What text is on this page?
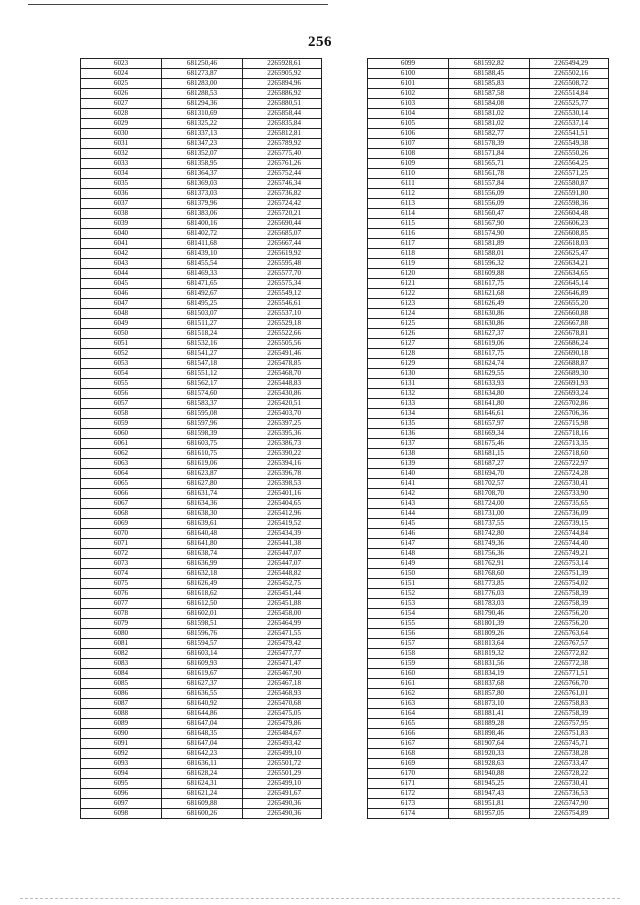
256
6023	681250,46	2265928,61
6024	681273,87	2265905,92
6025	681283,00	2265894,96
6026	681288,53	2265886,92
6027	681294,36	2265880,51
6028	681310,69	2265858,44
6029	681325,22	2265835,84
6030	681337,13	2265812,81
6031	681347,23	2265789,92
6032	681352,07	2265775,40
6033	681358,95	2265761,26
6034	681364,37	2265752,44
6035	681369,03	2265746,34
6036	681373,03	2265736,82
6037	681379,96	2265724,42
6038	681383,06	2265720,21
6039	681400,16	2265690,44
6040	681402,72	2265685,07
6041	681411,68	2265667,44
6042	681439,10	2265619,92
6043	681455,54	2265595,48
6044	681469,33	2265577,70
6045	681471,65	2265575,34
6046	681492,67	2265549,12
6047	681495,25	2265546,61
6048	681503,07	2265537,10
6049	681511,27	2265529,18
6050	681518,24	2265522,66
6051	681532,16	2265505,56
6052	681541,27	2265491,46
6053	681547,18	2265478,85
6054	681551,12	2265468,70
6055	681562,17	2265448,83
6056	681574,60	2265430,86
6057	681583,37	2265420,51
6058	681595,08	2265403,70
6059	681597,96	2265397,25
6060	681598,39	2265395,36
6061	681603,75	2265386,73
6062	681610,75	2265390,22
6063	681619,06	2265394,16
6064	681623,87	2265396,78
6065	681627,80	2265398,53
6066	681631,74	2265401,16
6067	681634,36	2265404,65
6068	681638,30	2265412,96
6069	681639,61	2265419,52
6070	681640,48	2265434,39
6071	681641,80	2265441,38
6072	681638,74	2265447,07
6073	681636,99	2265447,07
6074	681632,18	2265448,82
6075	681626,49	2265452,75
6076	681618,62	2265451,44
6077	681612,50	2265451,88
6078	681602,01	2265458,00
6079	681598,51	2265464,99
6080	681596,76	2265471,55
6081	681594,57	2265479,42
6082	681603,14	2265477,77
6083	681609,93	2265471,47
6084	681619,67	2265467,90
6085	681627,37	2265467,18
6086	681636,55	2265468,93
6087	681640,92	2265470,68
6088	681644,86	2265475,05
6089	681647,04	2265479,86
6090	681648,35	2265484,67
6091	681647,04	2265493,42
6092	681642,23	2265499,10
6093	681636,11	2265501,72
6094	681628,24	2265501,29
6095	681624,31	2265499,10
6096	681621,24	2265491,67
6097	681609,88	2265490,36
6098	681600,26	2265490,36
6099	681592,82	2265494,29
6100	681588,45	2265502,16
6101	681585,83	2265508,72
6102	681587,58	2265514,84
6103	681584,08	2265525,77
6104	681581,02	2265530,14
6105	681581,02	2265537,14
6106	681582,77	2265541,51
6107	681578,39	2265549,38
6108	681571,84	2265550,26
6109	681565,71	2265564,25
6110	681561,78	2265571,25
6111	681557,84	2265580,87
6112	681556,09	2265591,80
6113	681556,09	2265598,36
6114	681560,47	2265604,48
6115	681567,90	2265606,23
6116	681574,90	2265608,85
6117	681581,89	2265618,03
6118	681588,01	2265625,47
6119	681596,32	2265634,21
6120	681609,88	2265634,65
6121	681617,75	2265645,14
6122	681621,68	2265646,89
6123	681626,49	2265655,20
6124	681630,86	2265660,88
6125	681630,86	2265667,88
6126	681627,37	2265678,81
6127	681619,06	2265686,24
6128	681617,75	2265690,18
6129	681624,74	2265688,87
6130	681629,55	2265689,30
6131	681633,93	2265691,93
6132	681634,80	2265693,24
6133	681641,80	2265702,86
6134	681646,61	2265706,36
6135	681657,97	2265715,98
6136	681669,34	2265718,16
6137	681675,46	2265713,35
6138	681681,15	2265718,60
6139	681687,27	2265722,97
6140	681694,70	2265724,28
6141	681702,57	2265730,41
6142	681708,70	2265733,90
6143	681724,00	2265735,65
6144	681731,00	2265736,09
6145	681737,55	2265739,15
6146	681742,80	2265744,84
6147	681749,36	2265744,40
6148	681756,36	2265749,21
6149	681762,91	2265753,14
6150	681768,60	2265751,39
6151	681773,85	2265754,02
6152	681776,03	2265758,39
6153	681783,03	2265758,39
6154	681790,46	2265756,20
6155	681801,39	2265756,20
6156	681809,26	2265763,64
6157	681813,64	2265767,57
6158	681819,32	2265772,82
6159	681831,56	2265772,38
6160	681834,19	2265771,51
6161	681837,68	2265766,70
6162	681857,80	2265761,01
6163	681873,10	2265758,83
6164	681881,41	2265758,39
6165	681889,28	2265757,95
6166	681898,46	2265751,83
6167	681907,64	2265745,71
6168	681920,33	2265738,28
6169	681928,63	2265733,47
6170	681940,88	2265728,22
6171	681945,25	2265730,41
6172	681947,43	2265736,53
6173	681951,81	2265747,90
6174	681957,05	2265754,89
